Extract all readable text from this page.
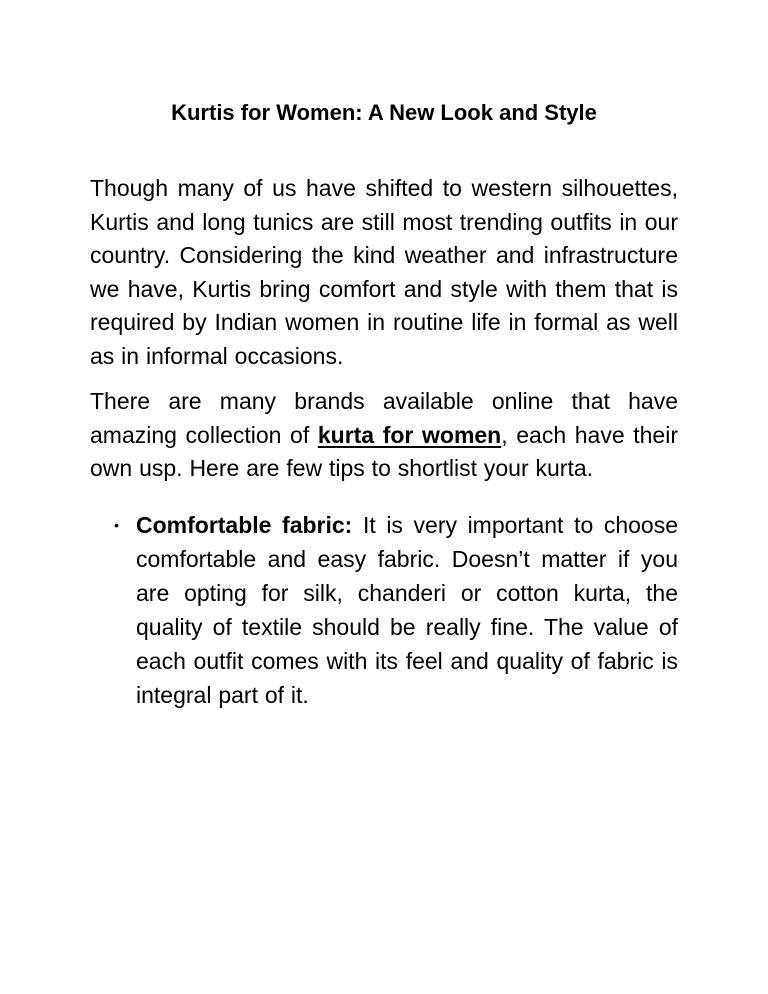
Kurtis for Women: A New Look and Style

Though many of us have shifted to western silhouettes, Kurtis and long tunics are still most trending outfits in our country. Considering the kind weather and infrastructure we have, Kurtis bring comfort and style with them that is required by Indian women in routine life in formal as well as in informal occasions.

There are many brands available online that have amazing collection of kurta for women, each have their own usp. Here are few tips to shortlist your kurta.

• Comfortable fabric: It is very important to choose comfortable and easy fabric. Doesn’t matter if you are opting for silk, chanderi or cotton kurta, the quality of textile should be really fine. The value of each outfit comes with its feel and quality of fabric is integral part of it.
